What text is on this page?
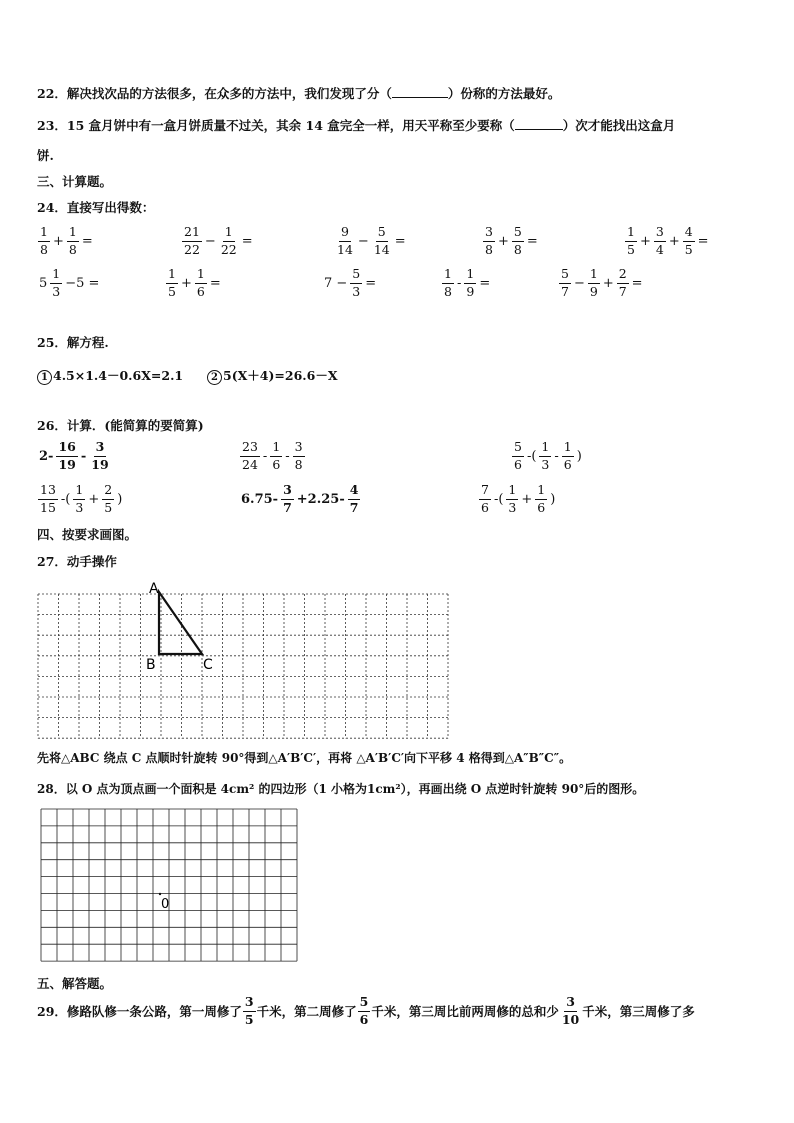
22．解决找次品的方法很多，在众多的方法中，我们发现了分（	）份称的方法最好。
23．15 盒月饼中有一盒月饼质量不过关，其余 14 盒完全一样，用天平称至少要称（	）次才能找出这盒月
饼.
三、计算题。
24．直接写出得数：
$\frac{1}{8} + \frac{1}{8}$ =	$\frac{21}{22} - \frac{1}{22}$ =	$\frac{9}{14} - \frac{5}{14}$ =	$\frac{3}{8} + \frac{5}{8}$ =	$\frac{1}{5} + \frac{3}{4} + \frac{4}{5}$ =
$5 \frac{1}{3} -5$ =	$\frac{1}{5} + \frac{1}{6}$ =	$7 - \frac{5}{3}$ =	$\frac{1}{8} - \frac{1}{9}$ =	$\frac{5}{7} - \frac{1}{9} + \frac{2}{7}$ =
25．解方程.
1 4.5×1.4－0.6X=2.1	2 5(X＋4)=26.6－X
26．计算．(能简算的要简算)
$2- \frac{16}{19} - \frac{3}{19}$	$\frac{23}{24} - \frac{1}{6} - \frac{3}{8}$	$\frac{5}{6}$ -( $\frac{1}{3} - \frac{1}{6}$ )
$\frac{13}{15}$ -( $\frac{1}{3} + \frac{2}{5}$ )	$6.75- \frac{3}{7} +2.25- \frac{4}{7}$	$\frac{7}{6}$ -( $\frac{1}{3} + \frac{1}{6}$ )
四、按要求画图。
27．动手操作
A
B	C
先将△ABC 绕点 C 点顺时针旋转 90°得到△A′B′C′，再将 △A′B′C′向下平移 4 格得到△A″B″C″。
28．以 O 点为顶点画一个面积是 4cm² 的四边形（1 小格为1cm²），再画出绕 O 点逆时针旋转 90°后的图形。
0
五、解答题。
29．修路队修一条公路，第一周修了 $\frac{3}{5}$ 千米，第二周修了 $\frac{5}{6}$ 千米，第三周比前两周修的总和少 $\frac{3}{10}$ 千米，第三周修了多
